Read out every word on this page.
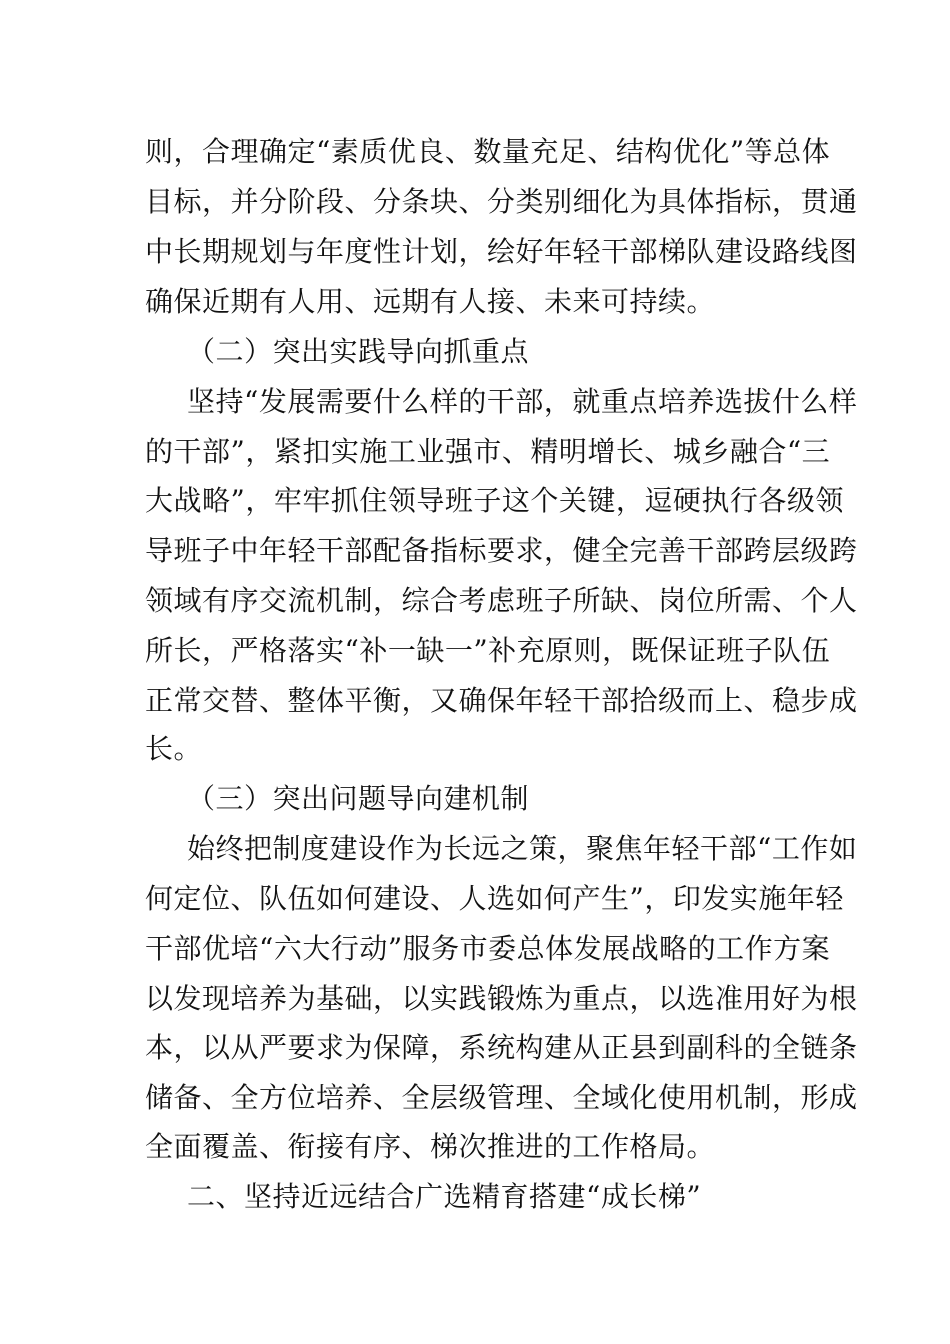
则，合理确定“素质优良、数量充足、结构优化”等总体
目标，并分阶段、分条块、分类别细化为具体指标，贯通
中长期规划与年度性计划，绘好年轻干部梯队建设路线图
确保近期有人用、远期有人接、未来可持续。
（二）突出实践导向抓重点
坚持“发展需要什么样的干部，就重点培养选拔什么样
的干部”，紧扣实施工业强市、精明增长、城乡融合“三
大战略”，牢牢抓住领导班子这个关键，逗硬执行各级领
导班子中年轻干部配备指标要求，健全完善干部跨层级跨
领域有序交流机制，综合考虑班子所缺、岗位所需、个人
所长，严格落实“补一缺一”补充原则，既保证班子队伍
正常交替、整体平衡，又确保年轻干部拾级而上、稳步成
长。
（三）突出问题导向建机制
始终把制度建设作为长远之策，聚焦年轻干部“工作如
何定位、队伍如何建设、人选如何产生”，印发实施年轻
干部优培“六大行动”服务市委总体发展战略的工作方案
以发现培养为基础，以实践锻炼为重点，以选准用好为根
本，以从严要求为保障，系统构建从正县到副科的全链条
储备、全方位培养、全层级管理、全域化使用机制，形成
全面覆盖、衔接有序、梯次推进的工作格局。
二、坚持近远结合广选精育搭建“成长梯”
